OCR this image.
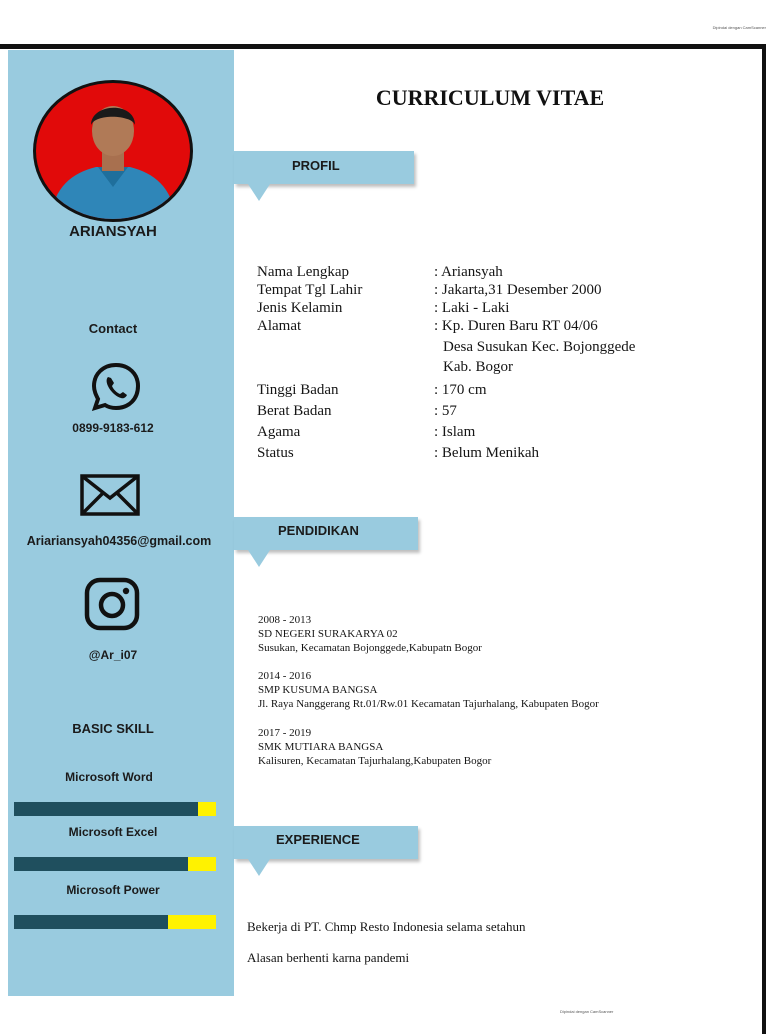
Dipindai dengan CamScanner
Dipindai dengan CamScanner
ARIANSYAH
Contact
0899-9183-612
Ariariansyah04356@gmail.com
@Ar_i07
BASIC SKILL
Microsoft Word
Microsoft Excel
Microsoft Power
CURRICULUM VITAE
PROFIL
Nama Lengkap	: Ariansyah
Tempat Tgl Lahir	: Jakarta,31 Desember 2000
Jenis Kelamin	: Laki - Laki
Alamat	: Kp. Duren Baru RT 04/06
Desa Susukan Kec. Bojonggede
Kab. Bogor
Tinggi Badan	: 170 cm
Berat Badan	: 57
Agama	: Islam
Status	: Belum Menikah
PENDIDIKAN
2008 - 2013
SD NEGERI SURAKARYA 02
Susukan, Kecamatan Bojonggede,Kabupatn Bogor
2014 - 2016
SMP KUSUMA BANGSA
Jl. Raya Nanggerang Rt.01/Rw.01 Kecamatan Tajurhalang, Kabupaten Bogor
2017 - 2019
SMK MUTIARA BANGSA
Kalisuren, Kecamatan Tajurhalang,Kabupaten Bogor
EXPERIENCE
Bekerja di PT. Chmp Resto Indonesia selama setahun
Alasan berhenti karna pandemi
